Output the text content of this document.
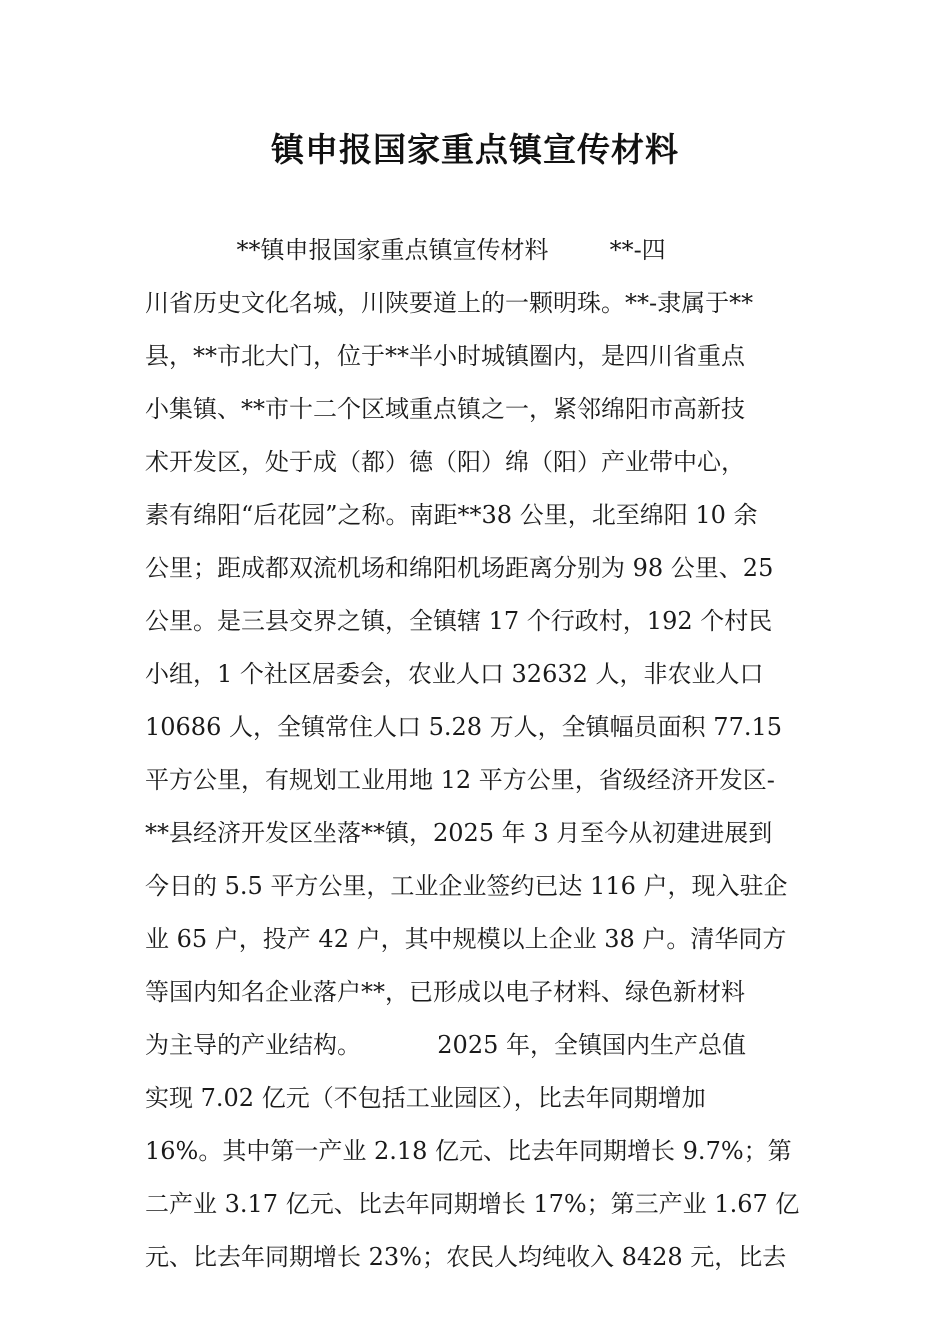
镇申报国家重点镇宣传材料
**镇申报国家重点镇宣传材料        **-四
川省历史文化名城，川陕要道上的一颗明珠。**-隶属于**
县，**市北大门，位于**半小时城镇圈内，是四川省重点
小集镇、**市十二个区域重点镇之一，紧邻绵阳市高新技
术开发区，处于成（都）德（阳）绵（阳）产业带中心，
素有绵阳“后花园”之称。南距**38 公里，北至绵阳 10 余
公里；距成都双流机场和绵阳机场距离分别为 98 公里、25
公里。是三县交界之镇，全镇辖 17 个行政村，192 个村民
小组，1 个社区居委会，农业人口 32632 人，非农业人口
10686 人，全镇常住人口 5.28 万人，全镇幅员面积 77.15
平方公里，有规划工业用地 12 平方公里，省级经济开发区-
**县经济开发区坐落**镇，2025 年 3 月至今从初建进展到
今日的 5.5 平方公里，工业企业签约已达 116 户，现入驻企
业 65 户，投产 42 户，其中规模以上企业 38 户。清华同方
等国内知名企业落户**，已形成以电子材料、绿色新材料
为主导的产业结构。          2025 年，全镇国内生产总值
实现 7.02 亿元（不包括工业园区），比去年同期增加
16%。其中第一产业 2.18 亿元、比去年同期增长 9.7%；第
二产业 3.17 亿元、比去年同期增长 17%；第三产业 1.67 亿
元、比去年同期增长 23%；农民人均纯收入 8428 元，比去
